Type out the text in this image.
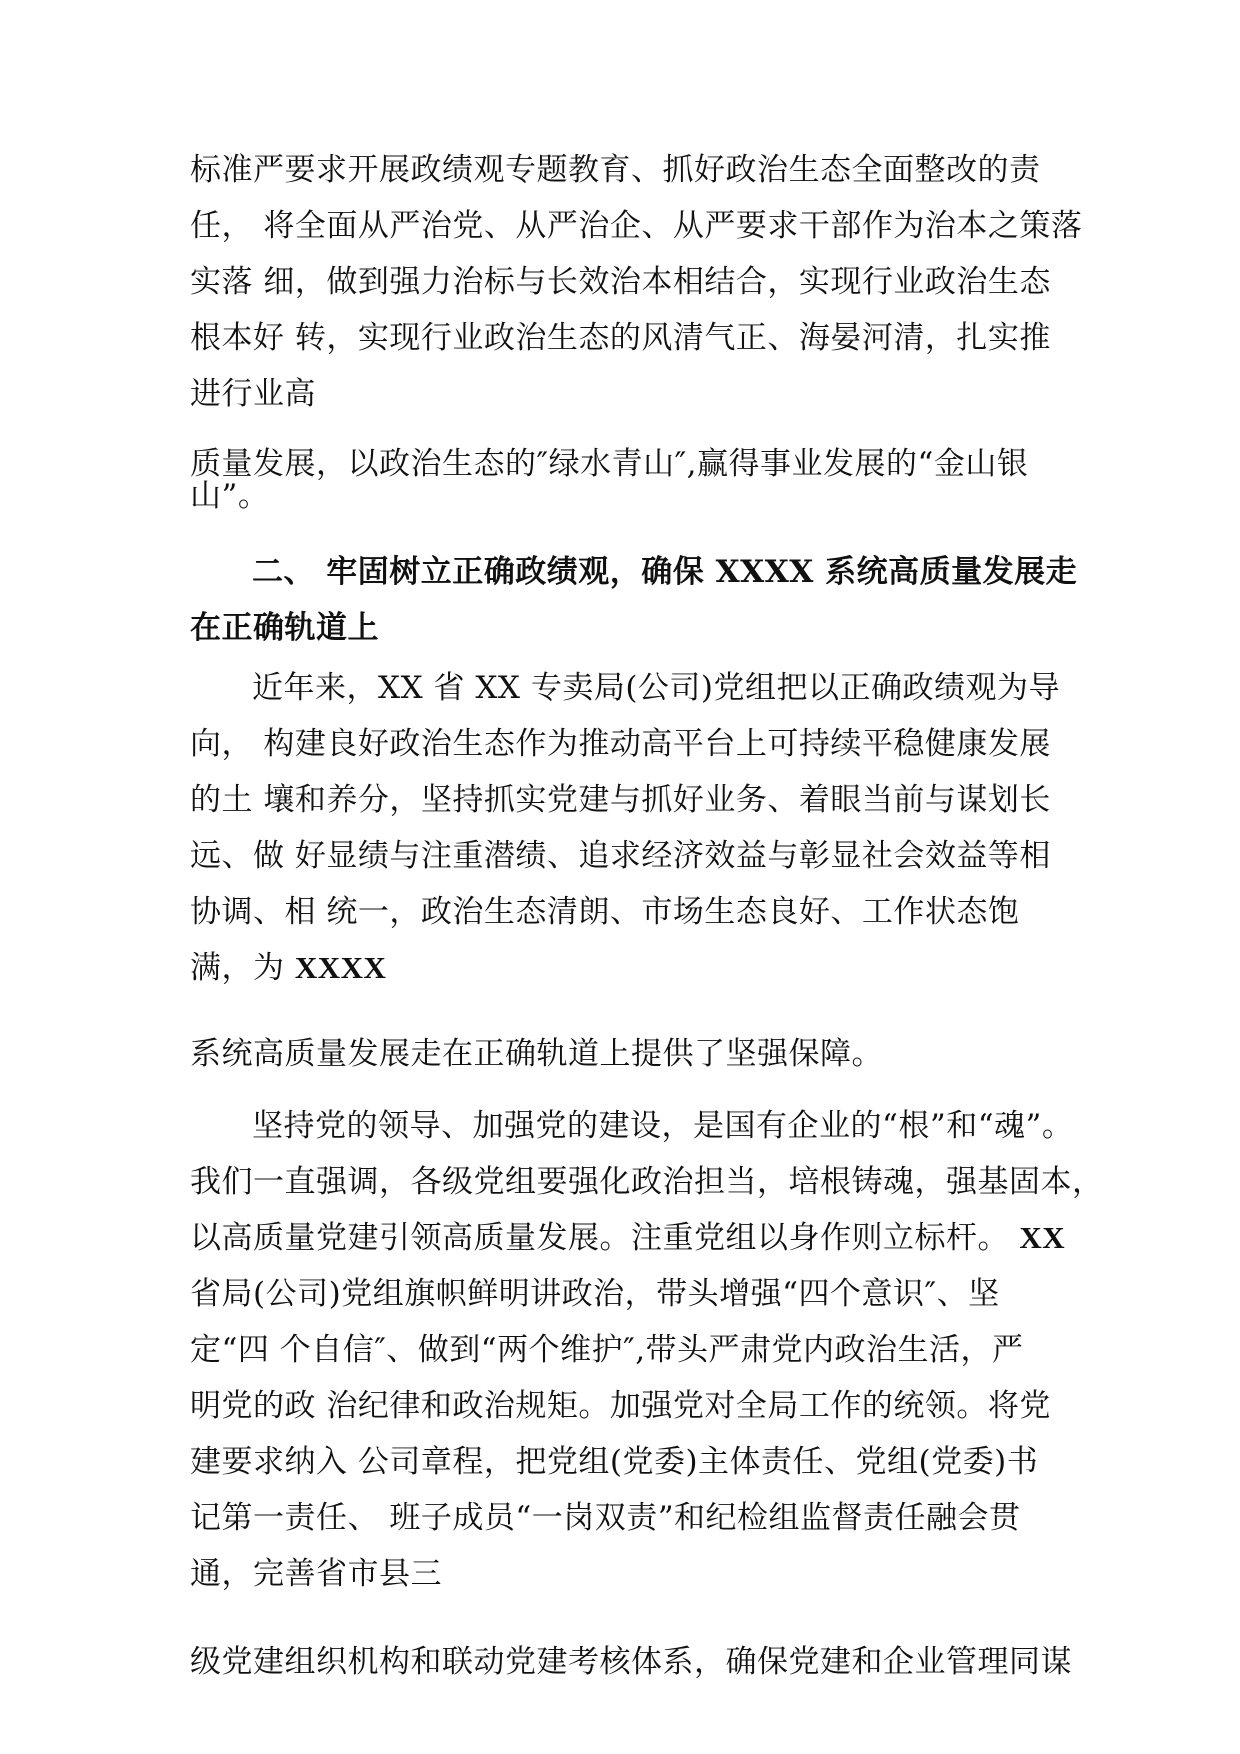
标准严要求开展政绩观专题教育、抓好政治生态全面整改的责
任， 将全面从严治党、从严治企、从严要求干部作为治本之策落
实落 细，做到强力治标与长效治本相结合，实现行业政治生态
根本好 转，实现行业政治生态的风清气正、海晏河清，扎实推
进行业高
质量发展，以政治生态的″绿水青山″,赢得事业发展的“金山银
山”。
二、 牢固树立正确政绩观，确保 XXXX 系统高质量发展走
在正确轨道上
近年来，XX 省 XX 专卖局(公司)党组把以正确政绩观为导
向， 构建良好政治生态作为推动高平台上可持续平稳健康发展
的土 壤和养分，坚持抓实党建与抓好业务、着眼当前与谋划长
远、做 好显绩与注重潜绩、追求经济效益与彰显社会效益等相
协调、相 统一，政治生态清朗、市场生态良好、工作状态饱
满，为 XXXX
系统高质量发展走在正确轨道上提供了坚强保障。
坚持党的领导、加强党的建设，是国有企业的“根”和“魂”。
我们一直强调，各级党组要强化政治担当，培根铸魂，强基固本，
以高质量党建引领高质量发展。注重党组以身作则立标杆。 XX
省局(公司)党组旗帜鲜明讲政治，带头增强“四个意识″、坚
定“四 个自信″、做到“两个维护″,带头严肃党内政治生活，严
明党的政 治纪律和政治规矩。加强党对全局工作的统领。将党
建要求纳入 公司章程，把党组(党委)主体责任、党组(党委)书
记第一责任、 班子成员“一岗双责”和纪检组监督责任融会贯
通，完善省市县三
级党建组织机构和联动党建考核体系，确保党建和企业管理同谋
